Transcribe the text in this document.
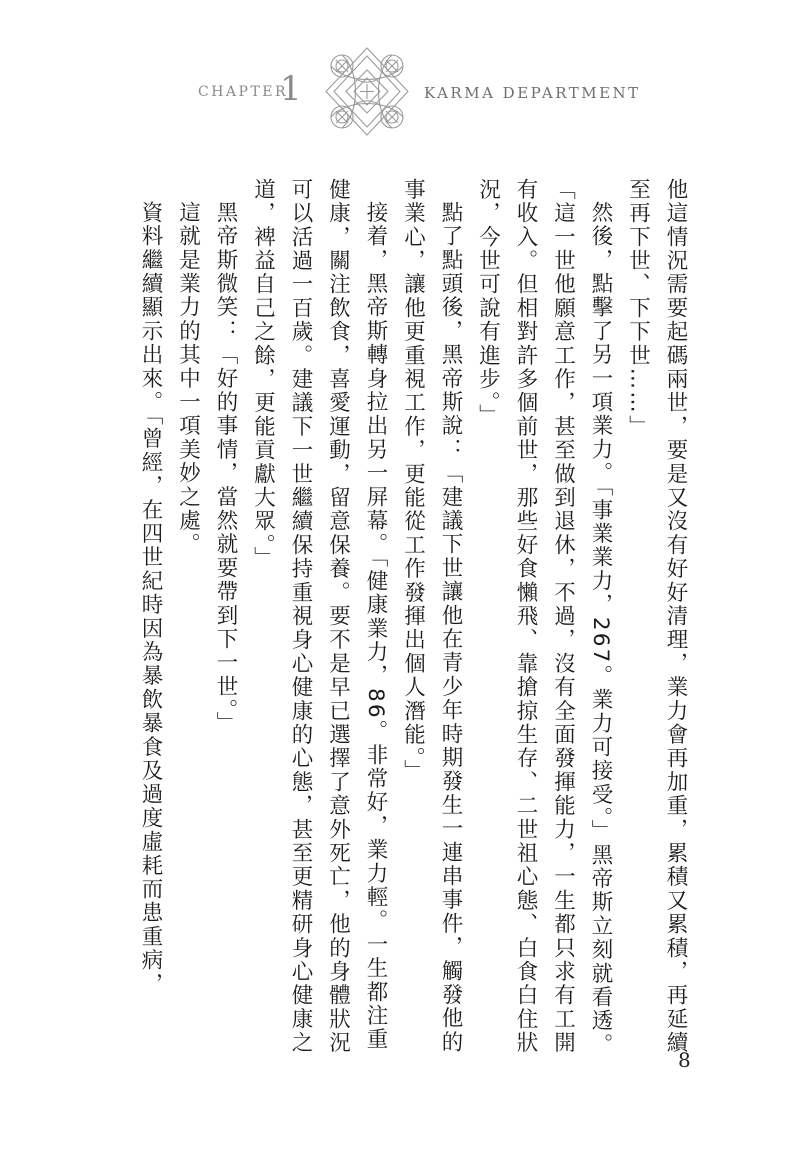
CHAPTER
1	KARMA DEPARTMENT

他這情況需要起碼兩世，要是又沒有好好清理，業力會再加重，累積又累積，再延續至再下世、下下世……」

然後，點擊了另一項業力。「事業業力，267。業力可接受。」黑帝斯立刻就看透。「這一世他願意工作，甚至做到退休，不過，沒有全面發揮能力，一生都只求有工開有收入。但相對許多個前世，那些好食懶飛、靠搶掠生存、二世祖心態、白食白住狀況，今世可說有進步。」

點了點頭後，黑帝斯說：「建議下世讓他在青少年時期發生一連串事件，觸發他的事業心，讓他更重視工作，更能從工作發揮出個人潛能。」

接着，黑帝斯轉身拉出另一屏幕。「健康業力，86。非常好，業力輕。一生都注重健康，關注飲食，喜愛運動，留意保養。要不是早已選擇了意外死亡，他的身體狀況可以活過一百歲。建議下一世繼續保持重視身心健康的心態，甚至更精研身心健康之道，裨益自己之餘，更能貢獻大眾。」

黑帝斯微笑：「好的事情，當然就要帶到下一世。」

這就是業力的其中一項美妙之處。

資料繼續顯示出來。「曾經，在四世紀時因為暴飲暴食及過度虛耗而患重病，

8
